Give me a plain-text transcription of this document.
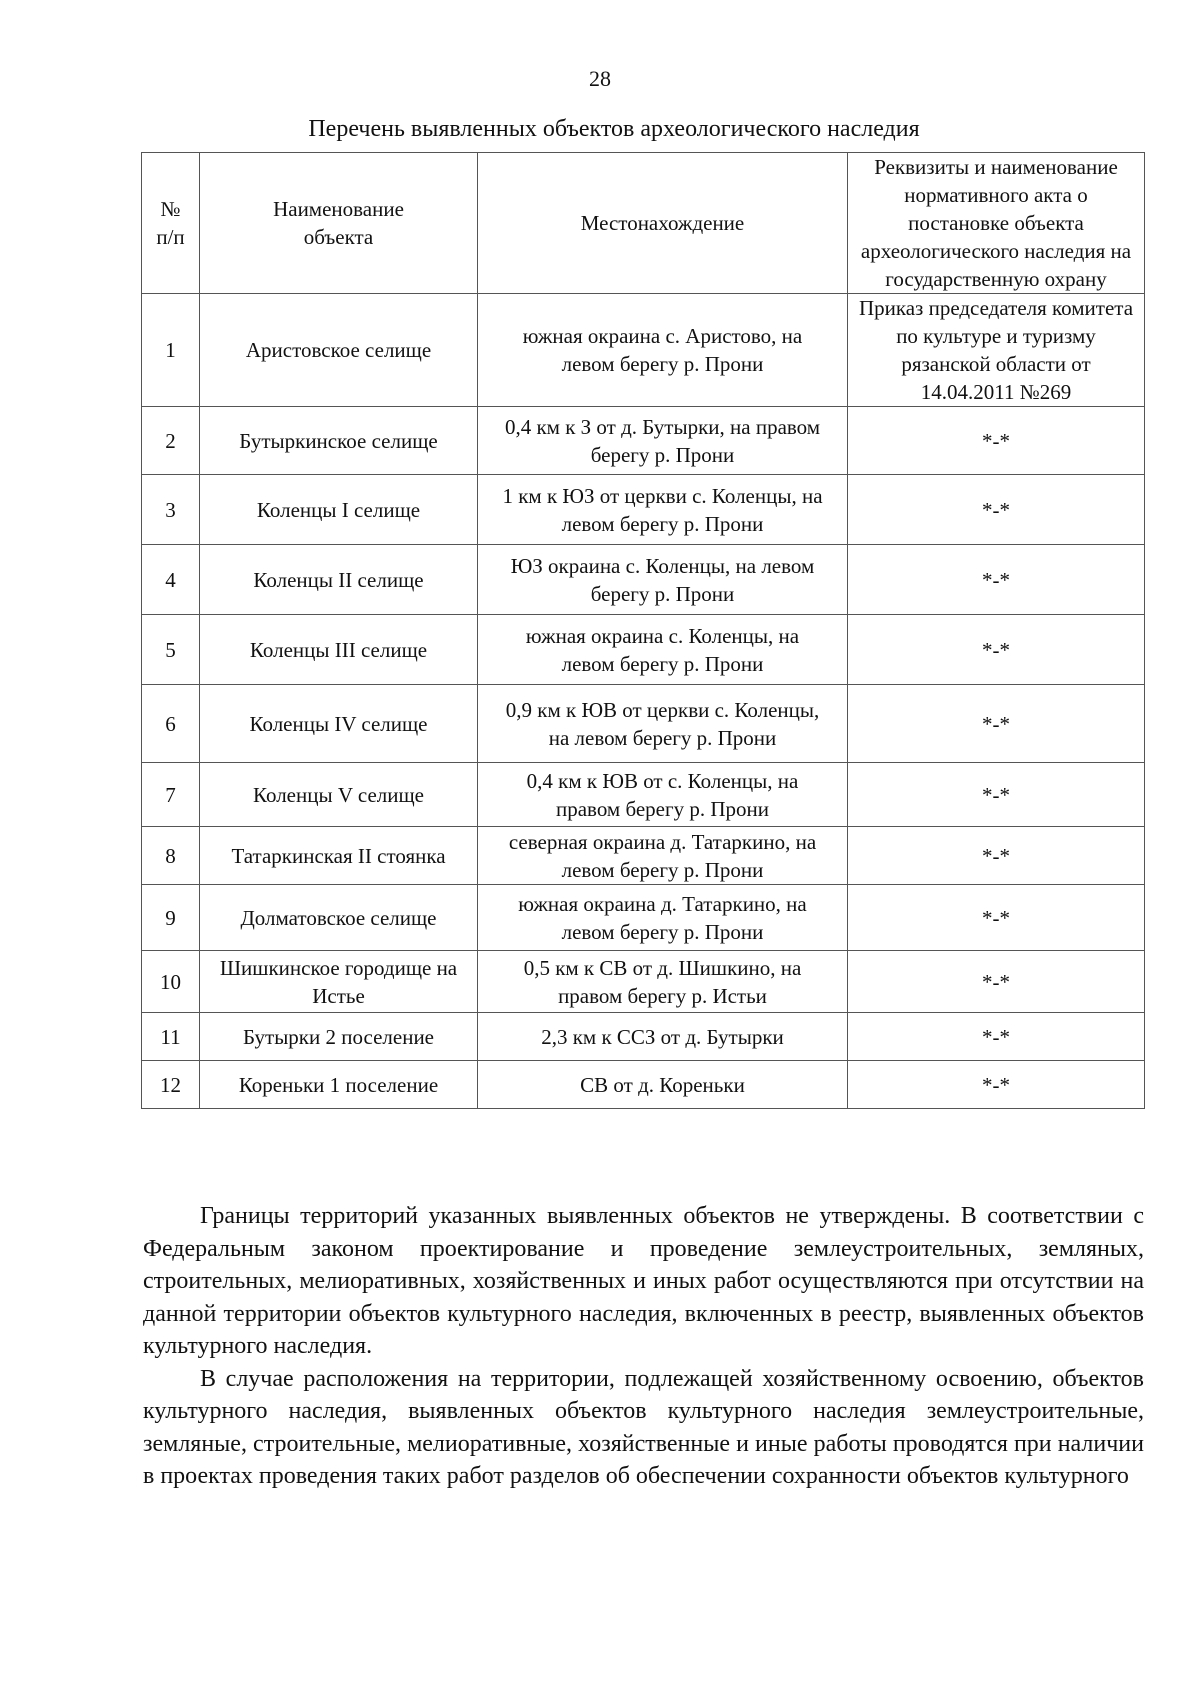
28
Перечень выявленных объектов археологического наследия
№ п/п	Наименование объекта	Местонахождение	Реквизиты и наименование нормативного акта о постановке объекта археологического наследия на государственную охрану
1	Аристовское селище	южная окраина с. Аристово, на левом берегу р. Прони	Приказ председателя комитета по культуре и туризму рязанской области от 14.04.2011 №269
2	Бутыркинское селище	0,4 км к З от д. Бутырки, на правом берегу р. Прони	*-*
3	Коленцы I селище	1 км к ЮЗ от церкви с. Коленцы, на левом берегу р. Прони	*-*
4	Коленцы II селище	ЮЗ окраина с. Коленцы, на левом берегу р. Прони	*-*
5	Коленцы III селище	южная окраина с. Коленцы, на левом берегу р. Прони	*-*
6	Коленцы IV селище	0,9 км к ЮВ от церкви с. Коленцы, на левом берегу р. Прони	*-*
7	Коленцы V селище	0,4 км к ЮВ от с. Коленцы, на правом берегу р. Прони	*-*
8	Татаркинская II стоянка	северная окраина д. Татаркино, на левом берегу р. Прони	*-*
9	Долматовское селище	южная окраина д. Татаркино, на левом берегу р. Прони	*-*
10	Шишкинское городище на Истье	0,5 км к СВ от д. Шишкино, на правом берегу р. Истьи	*-*
11	Бутырки 2 поселение	2,3 км к ССЗ от д. Бутырки	*-*
12	Кореньки 1 поселение	СВ от д. Кореньки	*-*

Границы территорий указанных выявленных объектов не утверждены. В соответствии с Федеральным законом проектирование и проведение землеустроительных, земляных, строительных, мелиоративных, хозяйственных и иных работ осуществляются при отсутствии на данной территории объектов культурного наследия, включенных в реестр, выявленных объектов культурного наследия.

В случае расположения на территории, подлежащей хозяйственному освоению, объектов культурного наследия, выявленных объектов культурного наследия землеустроительные, земляные, строительные, мелиоративные, хозяйственные и иные работы проводятся при наличии в проектах проведения таких работ разделов об обеспечении сохранности объектов культурного
